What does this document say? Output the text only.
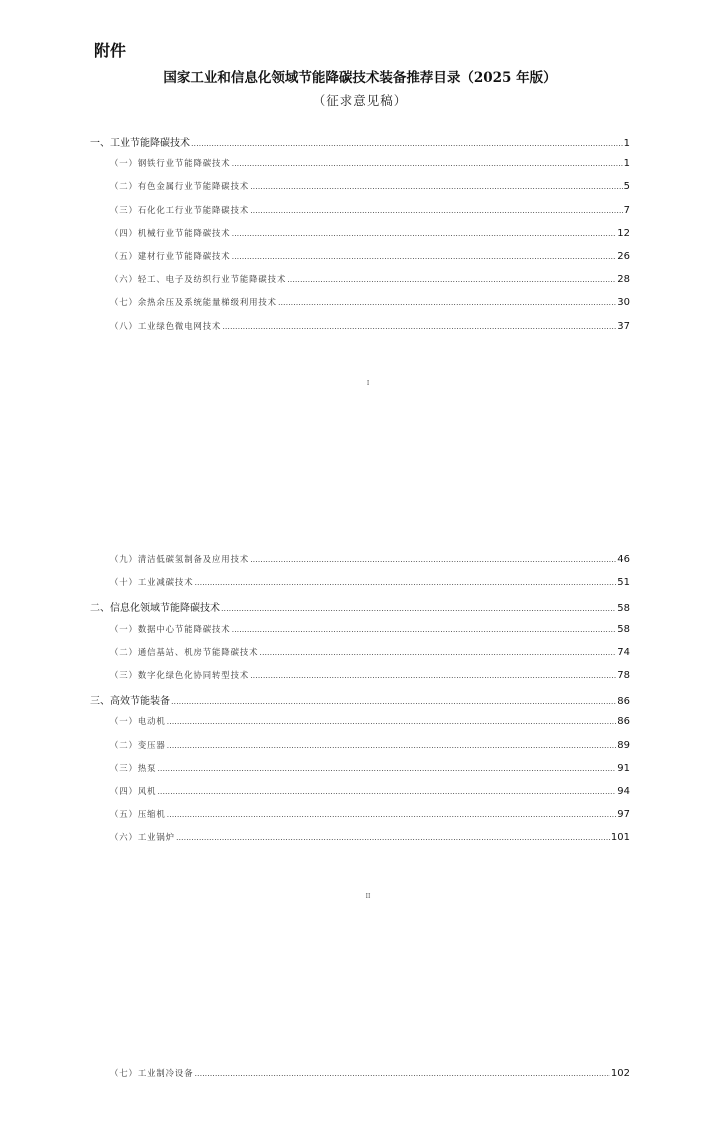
附件
国家工业和信息化领域节能降碳技术装备推荐目录（2025 年版）
（征求意见稿）
一、工业节能降碳技术 .....	1
（一）钢铁行业节能降碳技术 .....	1
（二）有色金属行业节能降碳技术 .....	5
（三）石化化工行业节能降碳技术 .....	7
（四）机械行业节能降碳技术 .....	12
（五）建材行业节能降碳技术 .....	26
（六）轻工、电子及纺织行业节能降碳技术 .....	28
（七）余热余压及系统能量梯级利用技术 .....	30
（八）工业绿色微电网技术 .....	37
I
（九）清洁低碳氢制备及应用技术 .....	46
（十）工业减碳技术 .....	51
二、信息化领域节能降碳技术 .....	58
（一）数据中心节能降碳技术 .....	58
（二）通信基站、机房节能降碳技术 .....	74
（三）数字化绿色化协同转型技术 .....	78
三、高效节能装备 .....	86
（一）电动机 .....	86
（二）变压器 .....	89
（三）热泵 .....	91
（四）风机 .....	94
（五）压缩机 .....	97
（六）工业锅炉 .....	101
II
（七）工业制冷设备 .....	102
